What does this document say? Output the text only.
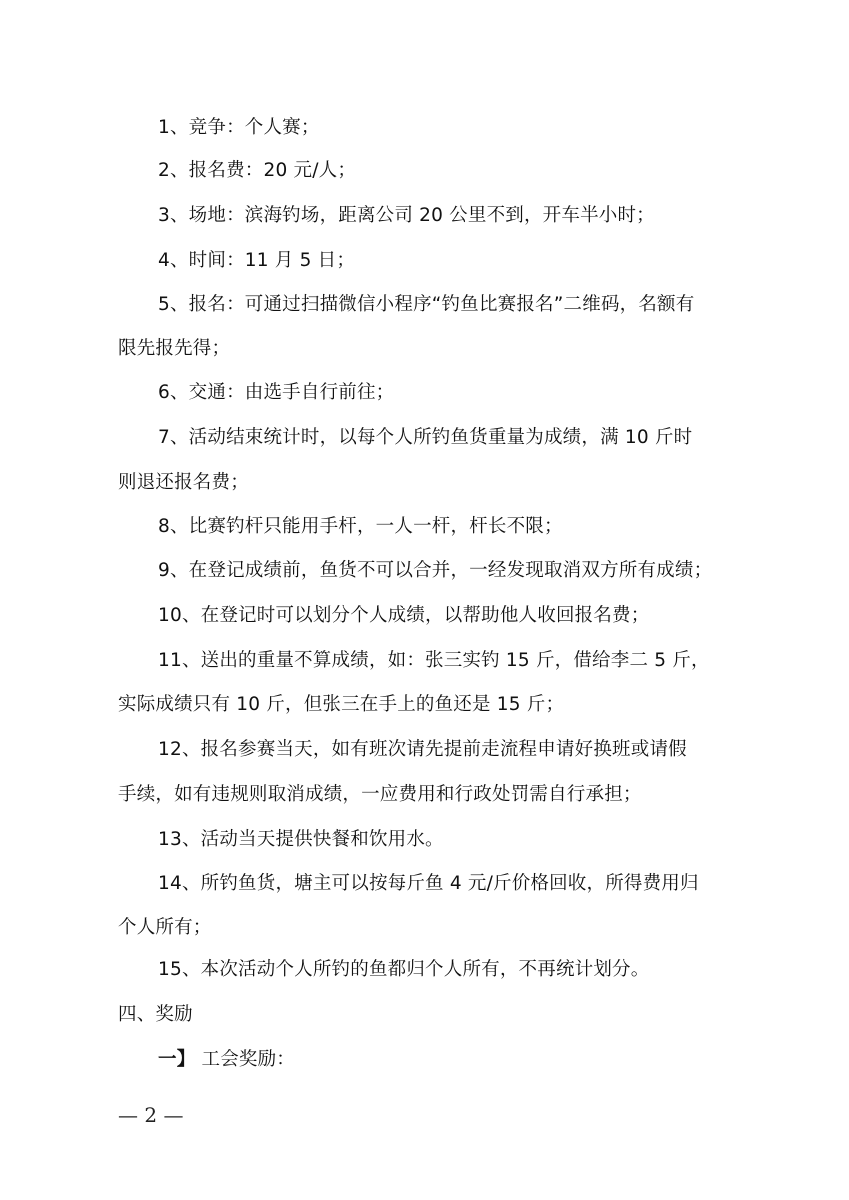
1、竞争：个人赛；
2、报名费：20 元/人；
3、场地：滨海钓场，距离公司 20 公里不到，开车半小时；
4、时间：11 月 5 日；
5、报名：可通过扫描微信小程序“钓鱼比赛报名”二维码，名额有
限先报先得；
6、交通：由选手自行前往；
7、活动结束统计时，以每个人所钓鱼货重量为成绩，满 10 斤时
则退还报名费；
8、比赛钓杆只能用手杆，一人一杆，杆长不限；
9、在登记成绩前，鱼货不可以合并，一经发现取消双方所有成绩；
10、在登记时可以划分个人成绩，以帮助他人收回报名费；
11、送出的重量不算成绩，如：张三实钓 15 斤，借给李二 5 斤，
实际成绩只有 10 斤，但张三在手上的鱼还是 15 斤；
12、报名参赛当天，如有班次请先提前走流程申请好换班或请假
手续，如有违规则取消成绩，一应费用和行政处罚需自行承担；
13、活动当天提供快餐和饮用水。
14、所钓鱼货，塘主可以按每斤鱼 4 元/斤价格回收，所得费用归
个人所有；
15、本次活动个人所钓的鱼都归个人所有，不再统计划分。
四、奖励
一】 工会奖励：
— 2 —
